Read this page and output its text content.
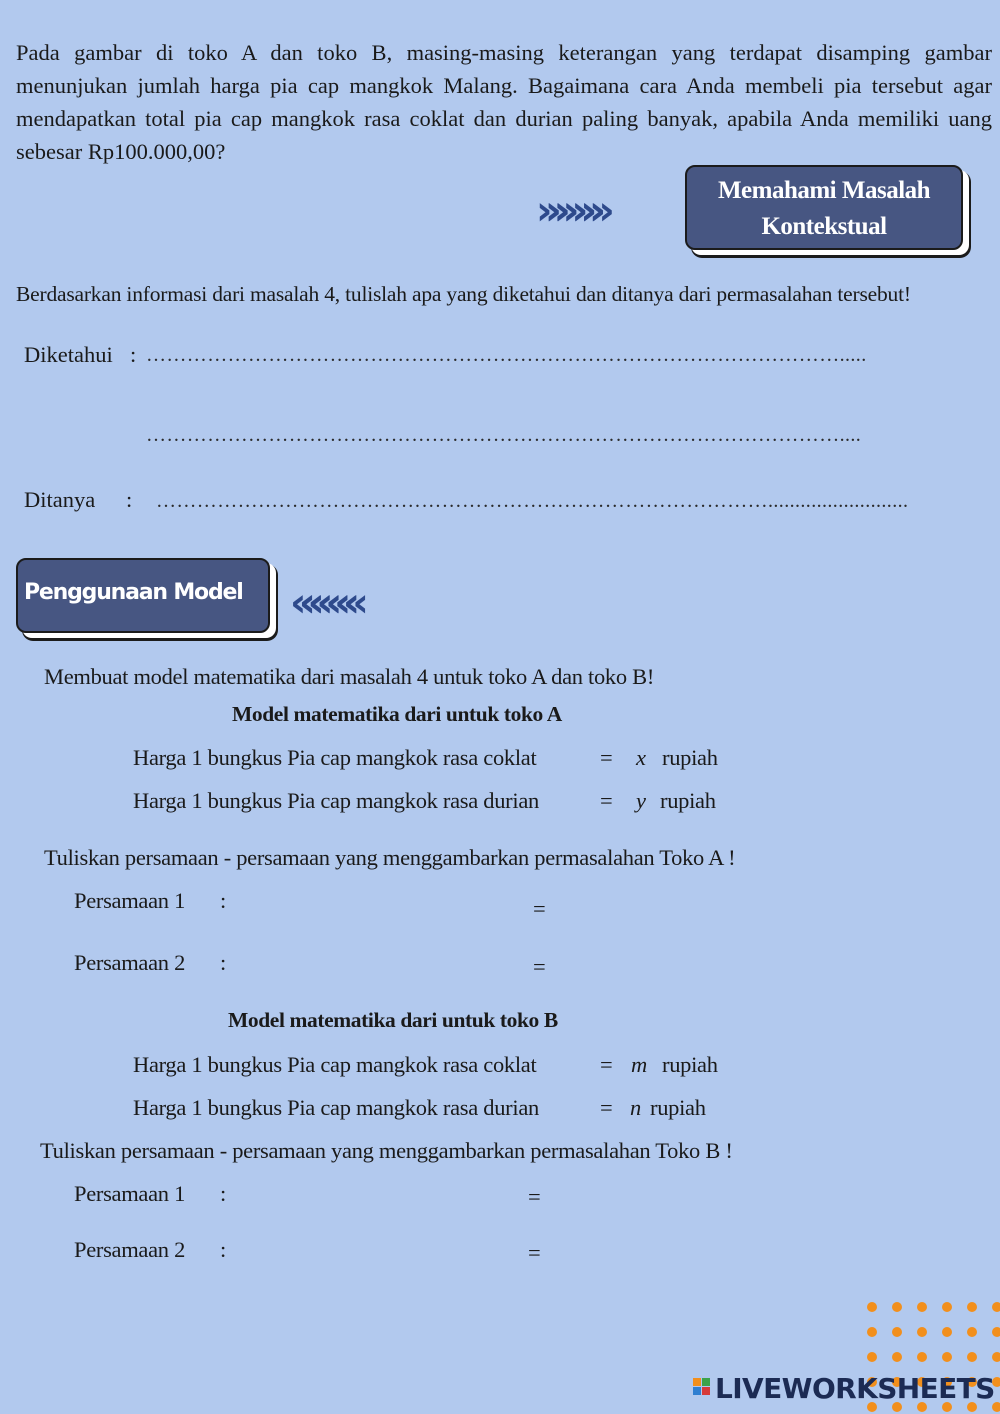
Pada gambar di toko A dan toko B, masing-masing keterangan yang terdapat disamping gambar menunjukan jumlah harga pia cap mangkok Malang. Bagaimana cara Anda membeli pia tersebut agar mendapatkan total pia cap mangkok rasa coklat dan durian paling banyak, apabila Anda memiliki uang sebesar Rp100.000,00?
»»»»»»»	Memahami Masalah
Kontekstual
Berdasarkan informasi dari masalah 4, tulislah apa yang diketahui dan ditanya dari permasalahan tersebut!
Diketahui : ………………………………………………………………………………………….....
…………………………………………………………………………………………....
Ditanya : ………………………………………………………………………………..........................
Penggunaan Model	«««««««
Membuat model matematika dari masalah 4 untuk toko A dan toko B!
Model matematika dari untuk toko A
Harga 1 bungkus Pia cap mangkok rasa coklat	= x rupiah
Harga 1 bungkus Pia cap mangkok rasa durian	= y rupiah
Tuliskan persamaan - persamaan yang menggambarkan permasalahan Toko A !
Persamaan 1 :	=
Persamaan 2 :	=
Model matematika dari untuk toko B
Harga 1 bungkus Pia cap mangkok rasa coklat	= m rupiah
Harga 1 bungkus Pia cap mangkok rasa durian	= n rupiah
Tuliskan persamaan - persamaan yang menggambarkan permasalahan Toko B !
Persamaan 1 :	=
Persamaan 2 :	=
LIVEWORKSHEETS
